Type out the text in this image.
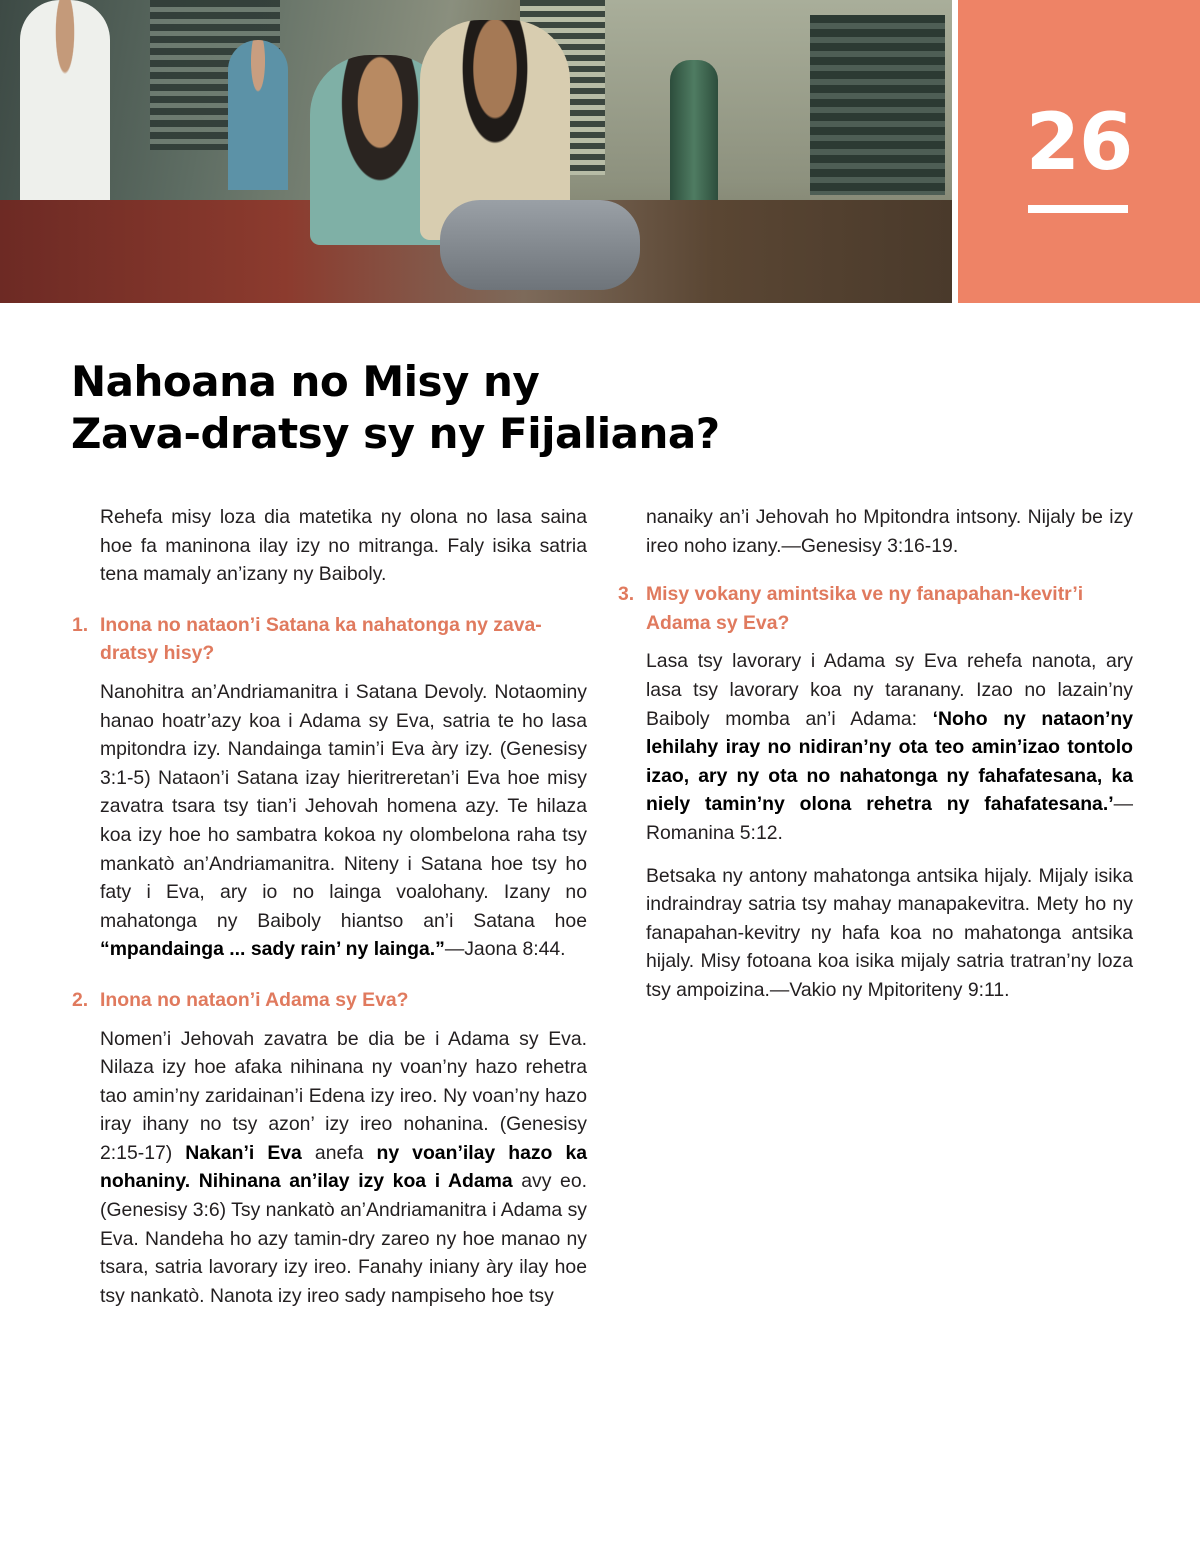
26
Nahoana no Misy ny
Zava-dratsy sy ny Fijaliana?

Rehefa misy loza dia matetika ny olona no lasa saina hoe fa maninona ilay izy no mitranga. Faly isika satria tena mamaly an’izany ny Baiboly.

1. Inona no nataon’i Satana ka nahatonga ny zava-dratsy hisy?

Nanohitra an’Andriamanitra i Satana Devoly. Notaominy hanao hoatr’azy koa i Adama sy Eva, satria te ho lasa mpitondra izy. Nandainga tamin’i Eva àry izy. (Genesisy 3:1-5) Nataon’i Satana izay hieritreretan’i Eva hoe misy zavatra tsara tsy tian’i Jehovah homena azy. Te hilaza koa izy hoe ho sambatra kokoa ny olombelona raha tsy mankatò an’Andriamanitra. Niteny i Satana hoe tsy ho faty i Eva, ary io no lainga voalohany. Izany no mahatonga ny Baiboly hiantso an’i Satana hoe “mpandainga ... sady rain’ ny lainga.”—Jaona 8:44.

2. Inona no nataon’i Adama sy Eva?

Nomen’i Jehovah zavatra be dia be i Adama sy Eva. Nilaza izy hoe afaka nihinana ny voan’ny hazo rehetra tao amin’ny zaridainan’i Edena izy ireo. Ny voan’ny hazo iray ihany no tsy azon’ izy ireo nohanina. (Genesisy 2:15-17) Nakan’i Eva anefa ny voan’ilay hazo ka nohaniny. Nihinana an’ilay izy koa i Adama avy eo. (Genesisy 3:6) Tsy nankatò an’Andriamanitra i Adama sy Eva. Nandeha ho azy tamin-dry zareo ny hoe manao ny tsara, satria lavorary izy ireo. Fanahy iniany àry ilay hoe tsy nankatò. Nanota izy ireo sady nampiseho hoe tsy

nanaiky an’i Jehovah ho Mpitondra intsony. Nijaly be izy ireo noho izany.—Genesisy 3:16-19.

3. Misy vokany amintsika ve ny fanapahan-kevitr’i Adama sy Eva?

Lasa tsy lavorary i Adama sy Eva rehefa nanota, ary lasa tsy lavorary koa ny taranany. Izao no lazain’ny Baiboly momba an’i Adama: ‘Noho ny nataon’ny lehilahy iray no nidiran’ny ota teo amin’izao tontolo izao, ary ny ota no nahatonga ny fahafatesana, ka niely tamin’ny olona rehetra ny fahafatesana.’—Romanina 5:12.

Betsaka ny antony mahatonga antsika hijaly. Mijaly isika indraindray satria tsy mahay manapakevitra. Mety ho ny fanapahan-kevitry ny hafa koa no mahatonga antsika hijaly. Misy fotoana koa isika mijaly satria tratran’ny loza tsy ampoizina.—Vakio ny Mpitoriteny 9:11.
